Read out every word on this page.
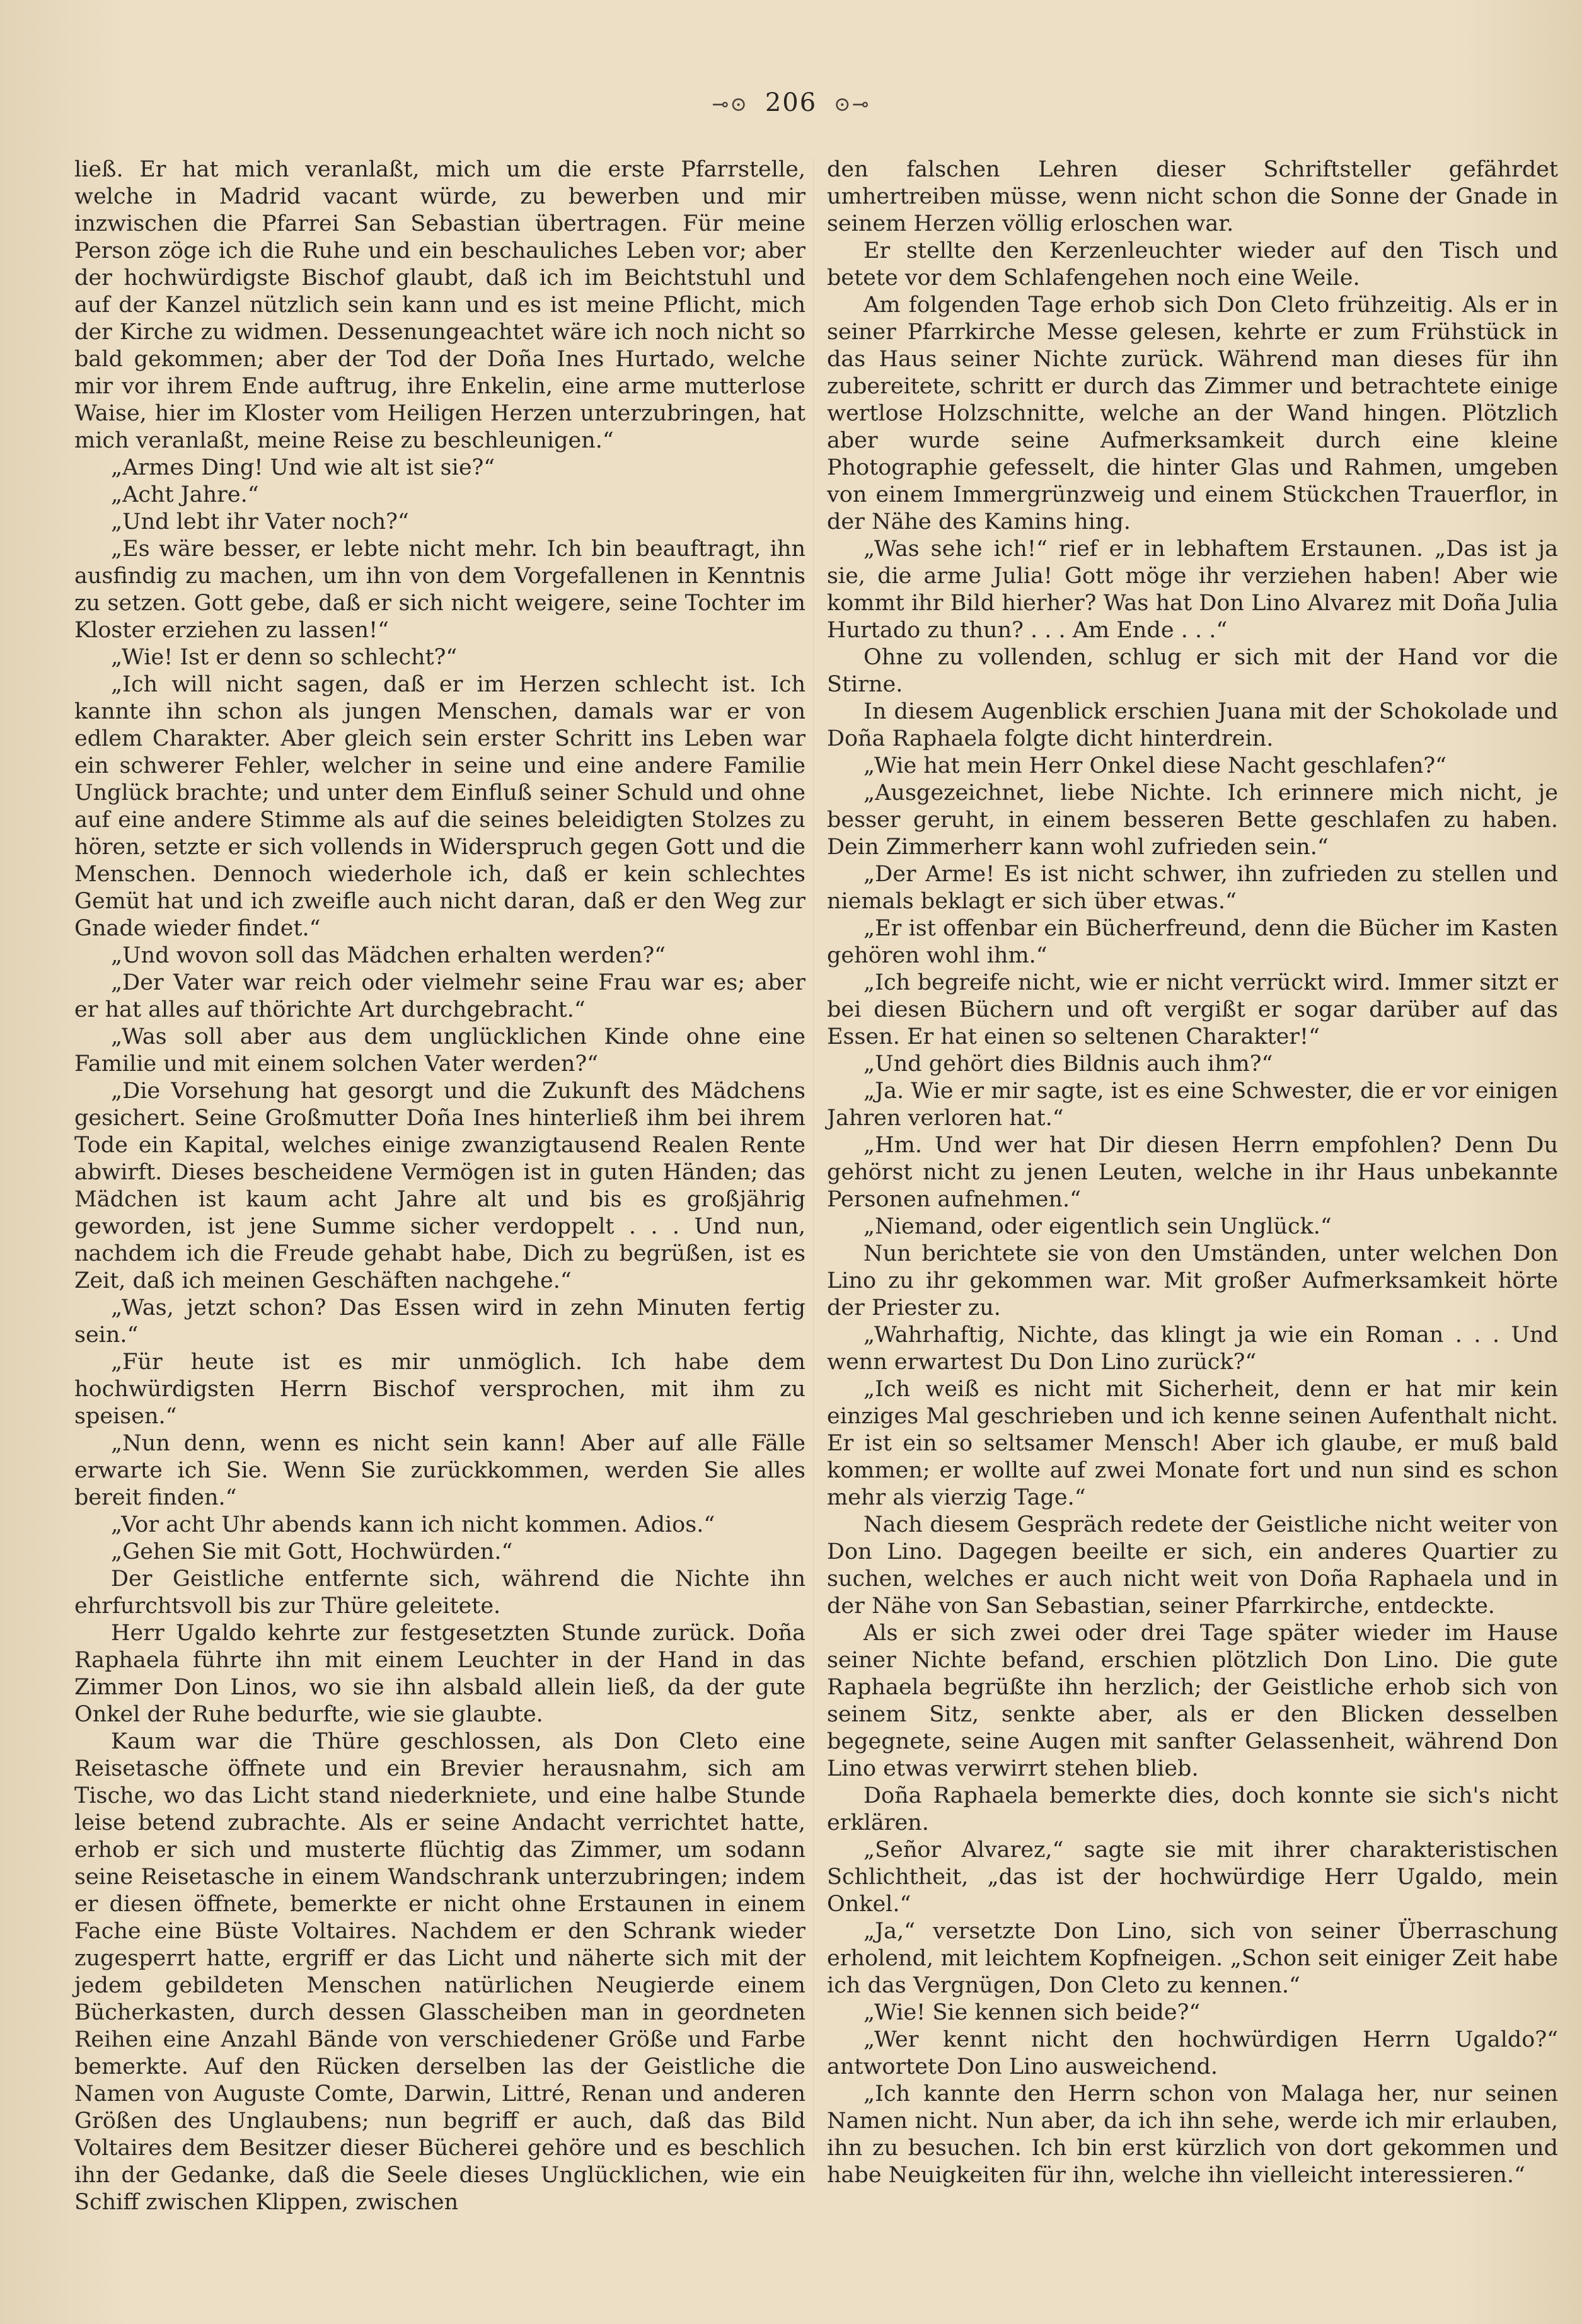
⊸⊙ 206 ⊙⊸

ließ. Er hat mich veranlaßt, mich um die erste Pfarrstelle, welche in Madrid vacant würde, zu bewerben und mir inzwischen die Pfarrei San Sebastian übertragen. Für meine Person zöge ich die Ruhe und ein beschauliches Leben vor; aber der hochwürdigste Bischof glaubt, daß ich im Beichtstuhl und auf der Kanzel nützlich sein kann und es ist meine Pflicht, mich der Kirche zu widmen. Dessenungeachtet wäre ich noch nicht so bald gekommen; aber der Tod der Doña Ines Hurtado, welche mir vor ihrem Ende auftrug, ihre Enkelin, eine arme mutterlose Waise, hier im Kloster vom Heiligen Herzen unterzubringen, hat mich veranlaßt, meine Reise zu beschleunigen.“

„Armes Ding! Und wie alt ist sie?“

„Acht Jahre.“

„Und lebt ihr Vater noch?“

„Es wäre besser, er lebte nicht mehr. Ich bin beauftragt, ihn ausfindig zu machen, um ihn von dem Vorgefallenen in Kenntnis zu setzen. Gott gebe, daß er sich nicht weigere, seine Tochter im Kloster erziehen zu lassen!“

„Wie! Ist er denn so schlecht?“

„Ich will nicht sagen, daß er im Herzen schlecht ist. Ich kannte ihn schon als jungen Menschen, damals war er von edlem Charakter. Aber gleich sein erster Schritt ins Leben war ein schwerer Fehler, welcher in seine und eine andere Familie Unglück brachte; und unter dem Einfluß seiner Schuld und ohne auf eine andere Stimme als auf die seines beleidigten Stolzes zu hören, setzte er sich vollends in Widerspruch gegen Gott und die Menschen. Dennoch wiederhole ich, daß er kein schlechtes Gemüt hat und ich zweifle auch nicht daran, daß er den Weg zur Gnade wieder findet.“

„Und wovon soll das Mädchen erhalten werden?“

„Der Vater war reich oder vielmehr seine Frau war es; aber er hat alles auf thörichte Art durchgebracht.“

„Was soll aber aus dem unglücklichen Kinde ohne eine Familie und mit einem solchen Vater werden?“

„Die Vorsehung hat gesorgt und die Zukunft des Mädchens gesichert. Seine Großmutter Doña Ines hinterließ ihm bei ihrem Tode ein Kapital, welches einige zwanzigtausend Realen Rente abwirft. Dieses bescheidene Vermögen ist in guten Händen; das Mädchen ist kaum acht Jahre alt und bis es großjährig geworden, ist jene Summe sicher verdoppelt . . . Und nun, nachdem ich die Freude gehabt habe, Dich zu begrüßen, ist es Zeit, daß ich meinen Geschäften nachgehe.“

„Was, jetzt schon? Das Essen wird in zehn Minuten fertig sein.“

„Für heute ist es mir unmöglich. Ich habe dem hochwürdigsten Herrn Bischof versprochen, mit ihm zu speisen.“

„Nun denn, wenn es nicht sein kann! Aber auf alle Fälle erwarte ich Sie. Wenn Sie zurückkommen, werden Sie alles bereit finden.“

„Vor acht Uhr abends kann ich nicht kommen. Adios.“

„Gehen Sie mit Gott, Hochwürden.“

Der Geistliche entfernte sich, während die Nichte ihn ehrfurchtsvoll bis zur Thüre geleitete.

Herr Ugaldo kehrte zur festgesetzten Stunde zurück. Doña Raphaela führte ihn mit einem Leuchter in der Hand in das Zimmer Don Linos, wo sie ihn alsbald allein ließ, da der gute Onkel der Ruhe bedurfte, wie sie glaubte.

Kaum war die Thüre geschlossen, als Don Cleto eine Reisetasche öffnete und ein Brevier herausnahm, sich am Tische, wo das Licht stand niederkniete, und eine halbe Stunde leise betend zubrachte. Als er seine Andacht verrichtet hatte, erhob er sich und musterte flüchtig das Zimmer, um sodann seine Reisetasche in einem Wandschrank unterzubringen; indem er diesen öffnete, bemerkte er nicht ohne Erstaunen in einem Fache eine Büste Voltaires. Nachdem er den Schrank wieder zugesperrt hatte, ergriff er das Licht und näherte sich mit der jedem gebildeten Menschen natürlichen Neugierde einem Bücherkasten, durch dessen Glasscheiben man in geordneten Reihen eine Anzahl Bände von verschiedener Größe und Farbe bemerkte. Auf den Rücken derselben las der Geistliche die Namen von Auguste Comte, Darwin, Littré, Renan und anderen Größen des Unglaubens; nun begriff er auch, daß das Bild Voltaires dem Besitzer dieser Bücherei gehöre und es beschlich ihn der Gedanke, daß die Seele dieses Unglücklichen, wie ein Schiff zwischen Klippen, zwischen

den falschen Lehren dieser Schriftsteller gefährdet umhertreiben müsse, wenn nicht schon die Sonne der Gnade in seinem Herzen völlig erloschen war.

Er stellte den Kerzenleuchter wieder auf den Tisch und betete vor dem Schlafengehen noch eine Weile.

Am folgenden Tage erhob sich Don Cleto frühzeitig. Als er in seiner Pfarrkirche Messe gelesen, kehrte er zum Frühstück in das Haus seiner Nichte zurück. Während man dieses für ihn zubereitete, schritt er durch das Zimmer und betrachtete einige wertlose Holzschnitte, welche an der Wand hingen. Plötzlich aber wurde seine Aufmerksamkeit durch eine kleine Photographie gefesselt, die hinter Glas und Rahmen, umgeben von einem Immergrünzweig und einem Stückchen Trauerflor, in der Nähe des Kamins hing.

„Was sehe ich!“ rief er in lebhaftem Erstaunen. „Das ist ja sie, die arme Julia! Gott möge ihr verziehen haben! Aber wie kommt ihr Bild hierher? Was hat Don Lino Alvarez mit Doña Julia Hurtado zu thun? . . . Am Ende . . .“

Ohne zu vollenden, schlug er sich mit der Hand vor die Stirne.

In diesem Augenblick erschien Juana mit der Schokolade und Doña Raphaela folgte dicht hinterdrein.

„Wie hat mein Herr Onkel diese Nacht geschlafen?“

„Ausgezeichnet, liebe Nichte. Ich erinnere mich nicht, je besser geruht, in einem besseren Bette geschlafen zu haben. Dein Zimmerherr kann wohl zufrieden sein.“

„Der Arme! Es ist nicht schwer, ihn zufrieden zu stellen und niemals beklagt er sich über etwas.“

„Er ist offenbar ein Bücherfreund, denn die Bücher im Kasten gehören wohl ihm.“

„Ich begreife nicht, wie er nicht verrückt wird. Immer sitzt er bei diesen Büchern und oft vergißt er sogar darüber auf das Essen. Er hat einen so seltenen Charakter!“

„Und gehört dies Bildnis auch ihm?“

„Ja. Wie er mir sagte, ist es eine Schwester, die er vor einigen Jahren verloren hat.“

„Hm. Und wer hat Dir diesen Herrn empfohlen? Denn Du gehörst nicht zu jenen Leuten, welche in ihr Haus unbekannte Personen aufnehmen.“

„Niemand, oder eigentlich sein Unglück.“

Nun berichtete sie von den Umständen, unter welchen Don Lino zu ihr gekommen war. Mit großer Aufmerksamkeit hörte der Priester zu.

„Wahrhaftig, Nichte, das klingt ja wie ein Roman . . . Und wenn erwartest Du Don Lino zurück?“

„Ich weiß es nicht mit Sicherheit, denn er hat mir kein einziges Mal geschrieben und ich kenne seinen Aufenthalt nicht. Er ist ein so seltsamer Mensch! Aber ich glaube, er muß bald kommen; er wollte auf zwei Monate fort und nun sind es schon mehr als vierzig Tage.“

Nach diesem Gespräch redete der Geistliche nicht weiter von Don Lino. Dagegen beeilte er sich, ein anderes Quartier zu suchen, welches er auch nicht weit von Doña Raphaela und in der Nähe von San Sebastian, seiner Pfarrkirche, entdeckte.

Als er sich zwei oder drei Tage später wieder im Hause seiner Nichte befand, erschien plötzlich Don Lino. Die gute Raphaela begrüßte ihn herzlich; der Geistliche erhob sich von seinem Sitz, senkte aber, als er den Blicken desselben begegnete, seine Augen mit sanfter Gelassenheit, während Don Lino etwas verwirrt stehen blieb.

Doña Raphaela bemerkte dies, doch konnte sie sich's nicht erklären.

„Señor Alvarez,“ sagte sie mit ihrer charakteristischen Schlichtheit, „das ist der hochwürdige Herr Ugaldo, mein Onkel.“

„Ja,“ versetzte Don Lino, sich von seiner Überraschung erholend, mit leichtem Kopfneigen. „Schon seit einiger Zeit habe ich das Vergnügen, Don Cleto zu kennen.“

„Wie! Sie kennen sich beide?“

„Wer kennt nicht den hochwürdigen Herrn Ugaldo?“ antwortete Don Lino ausweichend.

„Ich kannte den Herrn schon von Malaga her, nur seinen Namen nicht. Nun aber, da ich ihn sehe, werde ich mir erlauben, ihn zu besuchen. Ich bin erst kürzlich von dort gekommen und habe Neuigkeiten für ihn, welche ihn vielleicht interessieren.“
